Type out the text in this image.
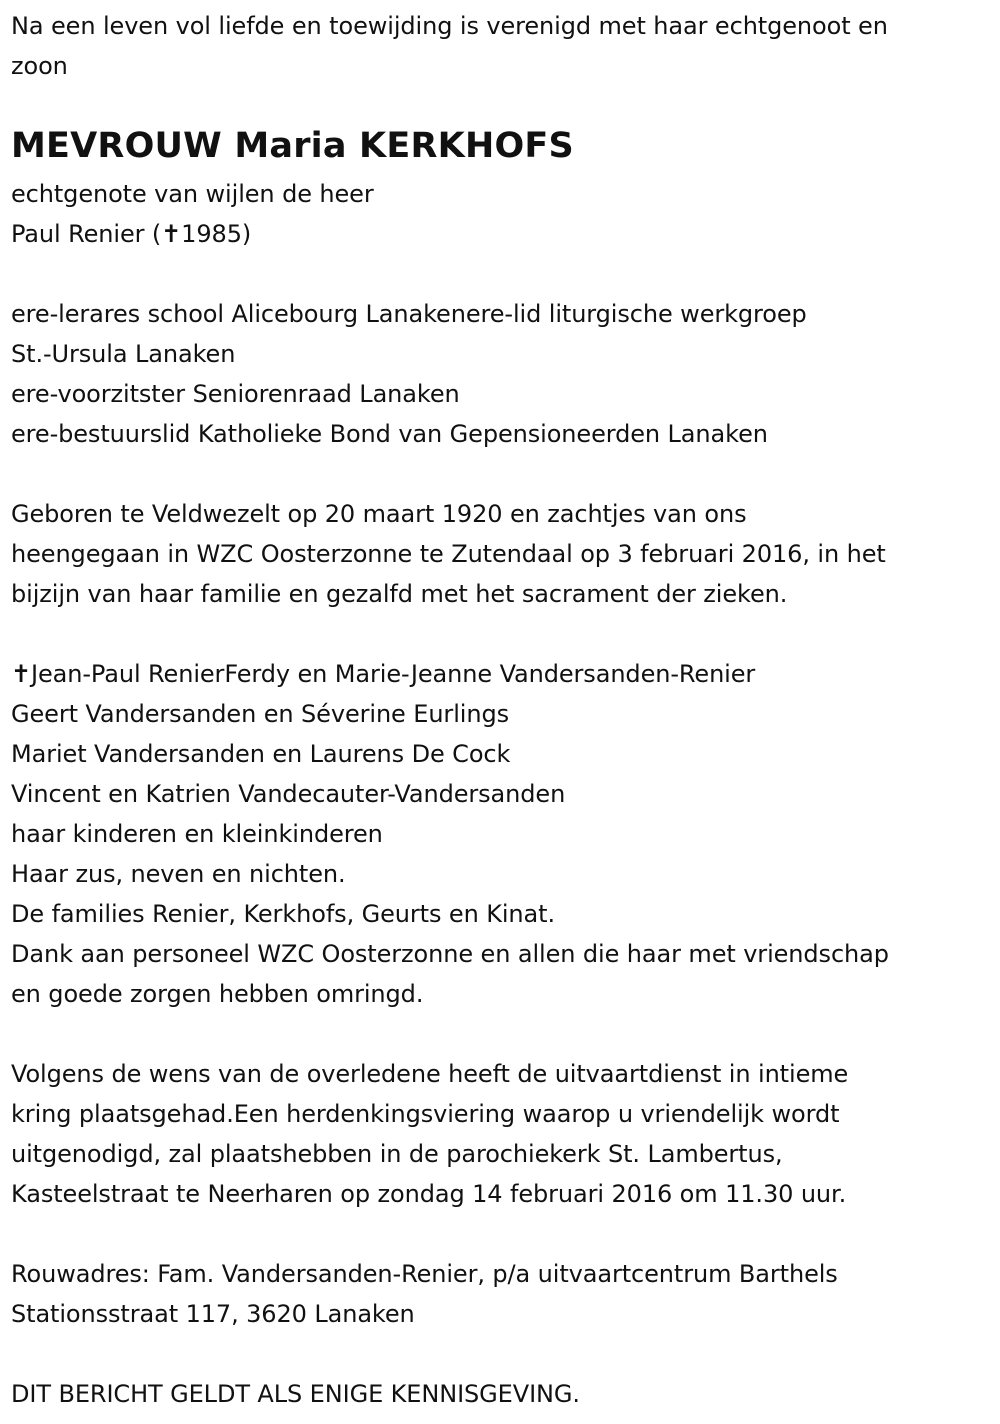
Na een leven vol liefde en toewijding is verenigd met haar echtgenoot en
zoon
MEVROUW Maria KERKHOFS
echtgenote van wijlen de heer
Paul Renier (✝1985)
ere-lerares school Alicebourg Lanakenere-lid liturgische werkgroep
St.-Ursula Lanaken
ere-voorzitster Seniorenraad Lanaken
ere-bestuurslid Katholieke Bond van Gepensioneerden Lanaken
Geboren te Veldwezelt op 20 maart 1920 en zachtjes van ons
heengegaan in WZC Oosterzonne te Zutendaal op 3 februari 2016, in het
bijzijn van haar familie en gezalfd met het sacrament der zieken.
✝Jean-Paul RenierFerdy en Marie-Jeanne Vandersanden-Renier
Geert Vandersanden en Séverine Eurlings
Mariet Vandersanden en Laurens De Cock
Vincent en Katrien Vandecauter-Vandersanden
haar kinderen en kleinkinderen
Haar zus, neven en nichten.
De families Renier, Kerkhofs, Geurts en Kinat.
Dank aan personeel WZC Oosterzonne en allen die haar met vriendschap
en goede zorgen hebben omringd.
Volgens de wens van de overledene heeft de uitvaartdienst in intieme
kring plaatsgehad.Een herdenkingsviering waarop u vriendelijk wordt
uitgenodigd, zal plaatshebben in de parochiekerk St. Lambertus,
Kasteelstraat te Neerharen op zondag 14 februari 2016 om 11.30 uur.
Rouwadres: Fam. Vandersanden-Renier, p/a uitvaartcentrum Barthels
Stationsstraat 117, 3620 Lanaken
DIT BERICHT GELDT ALS ENIGE KENNISGEVING.
